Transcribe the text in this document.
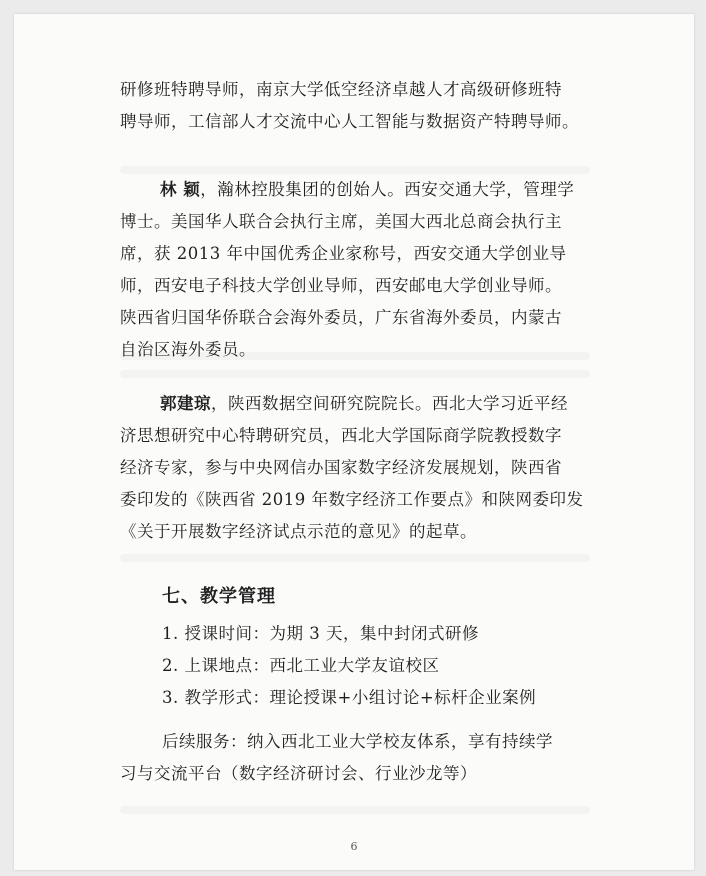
研修班特聘导师，南京大学低空经济卓越人才高级研修班特
聘导师，工信部人才交流中心人工智能与数据资产特聘导师。
林 颖，瀚林控股集团的创始人。西安交通大学，管理学
博士。美国华人联合会执行主席，美国大西北总商会执行主
席，获 2013 年中国优秀企业家称号，西安交通大学创业导
师，西安电子科技大学创业导师，西安邮电大学创业导师。
陕西省归国华侨联合会海外委员，广东省海外委员，内蒙古
自治区海外委员。
郭建琼，陕西数据空间研究院院长。西北大学习近平经
济思想研究中心特聘研究员，西北大学国际商学院教授数字
经济专家，参与中央网信办国家数字经济发展规划，陕西省
委印发的《陕西省 2019 年数字经济工作要点》和陕网委印发
《关于开展数字经济试点示范的意见》的起草。
七、教学管理
1. 授课时间：为期 3 天，集中封闭式研修
2. 上课地点：西北工业大学友谊校区
3. 教学形式：理论授课+小组讨论+标杆企业案例
后续服务：纳入西北工业大学校友体系，享有持续学
习与交流平台（数字经济研讨会、行业沙龙等）
6
